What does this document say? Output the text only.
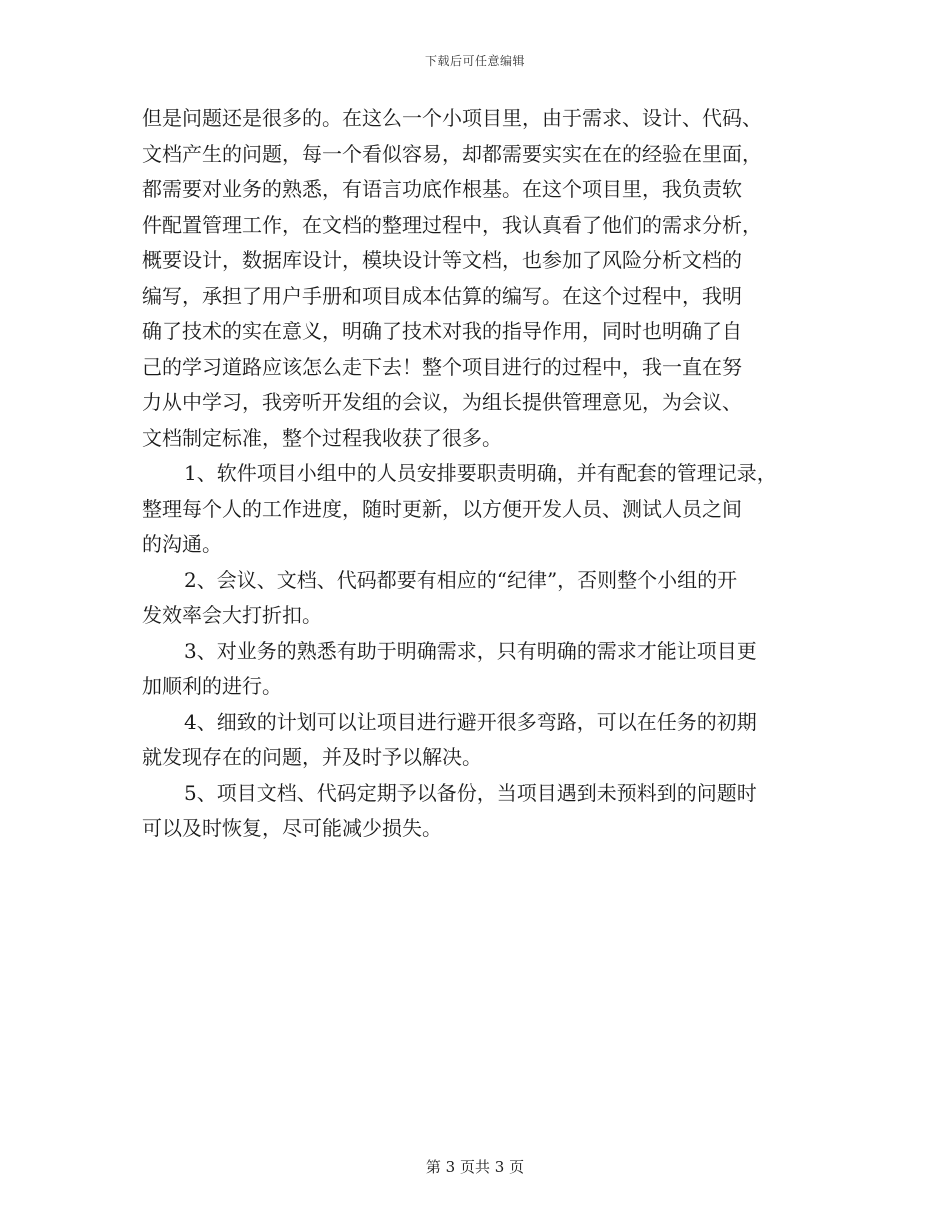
下载后可任意编辑
但是问题还是很多的。在这么一个小项目里，由于需求、设计、代码、
文档产生的问题，每一个看似容易，却都需要实实在在的经验在里面，
都需要对业务的熟悉，有语言功底作根基。在这个项目里，我负责软
件配置管理工作，在文档的整理过程中，我认真看了他们的需求分析，
概要设计，数据库设计，模块设计等文档，也参加了风险分析文档的
编写，承担了用户手册和项目成本估算的编写。在这个过程中，我明
确了技术的实在意义，明确了技术对我的指导作用，同时也明确了自
己的学习道路应该怎么走下去！整个项目进行的过程中，我一直在努
力从中学习，我旁听开发组的会议，为组长提供管理意见，为会议、
文档制定标准，整个过程我收获了很多。
1、软件项目小组中的人员安排要职责明确，并有配套的管理记录，
整理每个人的工作进度，随时更新，以方便开发人员、测试人员之间
的沟通。
2、会议、文档、代码都要有相应的“纪律”，否则整个小组的开
发效率会大打折扣。
3、对业务的熟悉有助于明确需求，只有明确的需求才能让项目更
加顺利的进行。
4、细致的计划可以让项目进行避开很多弯路，可以在任务的初期
就发现存在的问题，并及时予以解决。
5、项目文档、代码定期予以备份，当项目遇到未预料到的问题时
可以及时恢复，尽可能减少损失。
第 3 页共 3 页
